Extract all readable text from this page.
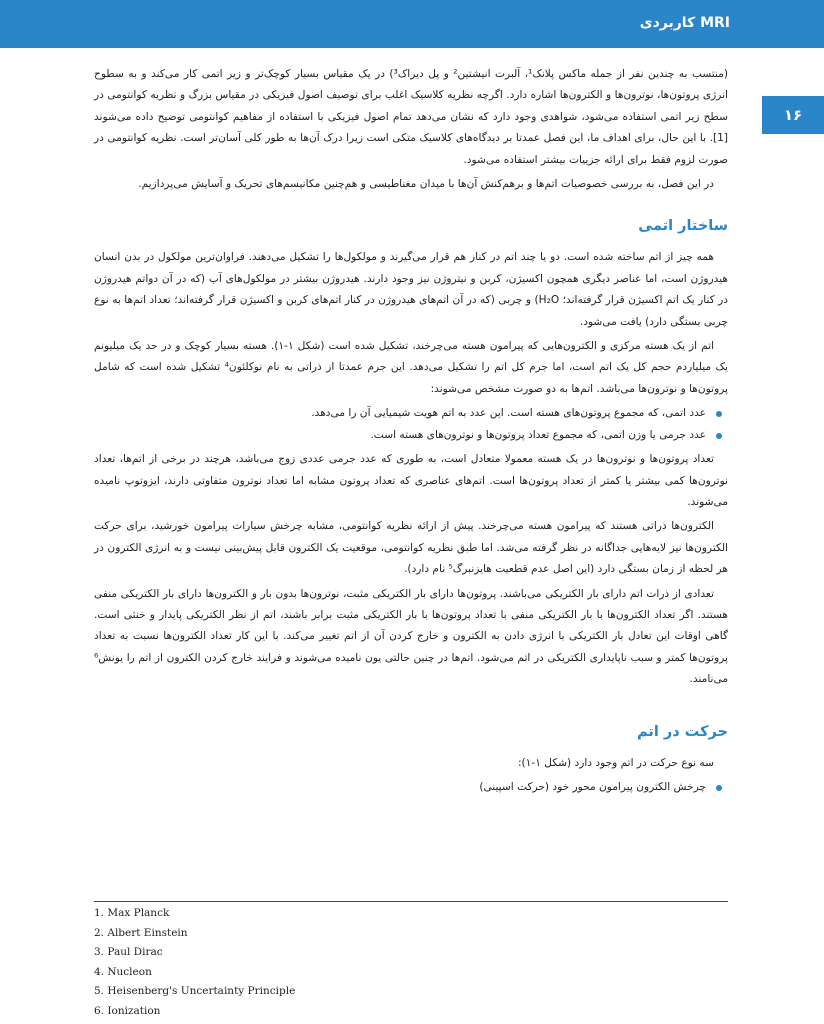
MRI کاربردی
۱۶

(منتسب به چندین نفر از جمله ماکس پلانک¹، آلبرت انیشتین² و پل دیراک³) در یک مقیاس بسیار کوچک‌تر و زیر اتمی کار می‌کند و به سطوح انرژی پروتون‌ها، نوترون‌ها و الکترون‌ها اشاره دارد. اگرچه نظریه کلاسیک اغلب برای توصیف اصول فیزیکی در مقیاس بزرگ و نظریه کوانتومی در سطح زیر اتمی استفاده می‌شود، شواهدی وجود دارد که نشان می‌دهد تمام اصول فیزیکی با استفاده از مفاهیم کوانتومی توضیح داده می‌شوند [1]. با این حال، برای اهداف ما، این فصل عمدتا بر دیدگاه‌های کلاسیک متکی است زیرا درک آن‌ها به طور کلی آسان‌تر است. نظریه کوانتومی در صورت لزوم فقط برای ارائه جزییات بیشتر استفاده می‌شود.

در این فصل، به بررسی خصوصیات اتم‌ها و برهم‌کنش آن‌ها با میدان مغناطیسی و هم‌چنین مکانیسم‌های تحریک و آسایش می‌پردازیم.

ساختار اتمی

همه چیز از اتم ساخته شده است. دو یا چند اتم در کنار هم قرار می‌گیرند و مولکول‌ها را تشکیل می‌دهند. فراوان‌ترین مولکول در بدن انسان هیدروژن است، اما عناصر دیگری همچون اکسیژن، کربن و نیتروژن نیز وجود دارند. هیدروژن بیشتر در مولکول‌های آب (که در آن دواتم هیدروژن در کنار یک اتم اکسیژن قرار گرفته‌اند؛ H₂O) و چربی (که در آن اتم‌های هیدروژن در کنار اتم‌های کربن و اکسیژن قرار گرفته‌اند؛ تعداد اتم‌ها به نوع چربی بستگی دارد) یافت می‌شود.

اتم از یک هسته مرکزی و الکترون‌هایی که پیرامون هسته می‌چرخند، تشکیل شده است (شکل ۱-۱). هسته بسیار کوچک و در حد یک میلیونم یک میلیاردم حجم کل یک اتم است، اما جرم کل اتم را تشکیل می‌دهد. این جرم عمدتا از ذراتی به نام نوکلئون⁴ تشکیل شده است که شامل پروتون‌ها و نوترون‌ها می‌باشد. اتم‌ها به دو صورت مشخص می‌شوند:

عدد اتمی، که مجموع پروتون‌های هسته است. این عدد به اتم هویت شیمیایی آن را می‌دهد.
عدد جرمی یا وزن اتمی، که مجموع تعداد پروتون‌ها و نوترون‌های هسته است.

تعداد پروتون‌ها و نوترون‌ها در یک هسته معمولا متعادل است، به طوری که عدد جرمی عددی زوج می‌باشد، هرچند در برخی از اتم‌ها، تعداد نوترون‌ها کمی بیشتر یا کمتر از تعداد پروتون‌ها است. اتم‌های عناصری که تعداد پروتون مشابه اما تعداد نوترون متفاوتی دارند، ایزوتوپ نامیده می‌شوند.

الکترون‌ها ذراتی هستند که پیرامون هسته می‌چرخند. پیش از ارائه نظریه کوانتومی، مشابه چرخش سیارات پیرامون خورشید، برای حرکت الکترون‌ها نیز لایه‌هایی جداگانه در نظر گرفته می‌شد. اما طبق نظریه کوانتومی، موقعیت یک الکترون قابل پیش‌بینی نیست و به انرژی الکترون در هر لحظه از زمان بستگی دارد (این اصل عدم قطعیت هایزنبرگ⁵ نام دارد).

تعدادی از ذرات اتم دارای بار الکتریکی می‌باشند. پروتون‌ها دارای بار الکتریکی مثبت، نوترون‌ها بدون بار و الکترون‌ها دارای بار الکتریکی منفی هستند. اگر تعداد الکترون‌ها با بار الکتریکی منفی با تعداد پروتون‌ها با بار الکتریکی مثبت برابر باشند، اتم از نظر الکتریکی پایدار و خنثی است. گاهی اوقات این تعادل بار الکتریکی با انرژی دادن به الکترون و خارج کردن آن از اتم تغییر می‌کند. با این کار تعداد الکترون‌ها نسبت به تعداد پروتون‌ها کمتر و سبب ناپایداری الکتریکی در اتم می‌شود. اتم‌ها در چنین حالتی یون نامیده می‌شوند و فرایند خارج کردن الکترون از اتم را یونش⁶ می‌نامند.

حرکت در اتم

سه نوع حرکت در اتم وجود دارد (شکل ۱-۱):

چرخش الکترون پیرامون محور خود (حرکت اسپینی)
1. Max Planck
2. Albert Einstein
3. Paul Dirac
4. Nucleon
5. Heisenberg's Uncertainty Principle
6. Ionization
